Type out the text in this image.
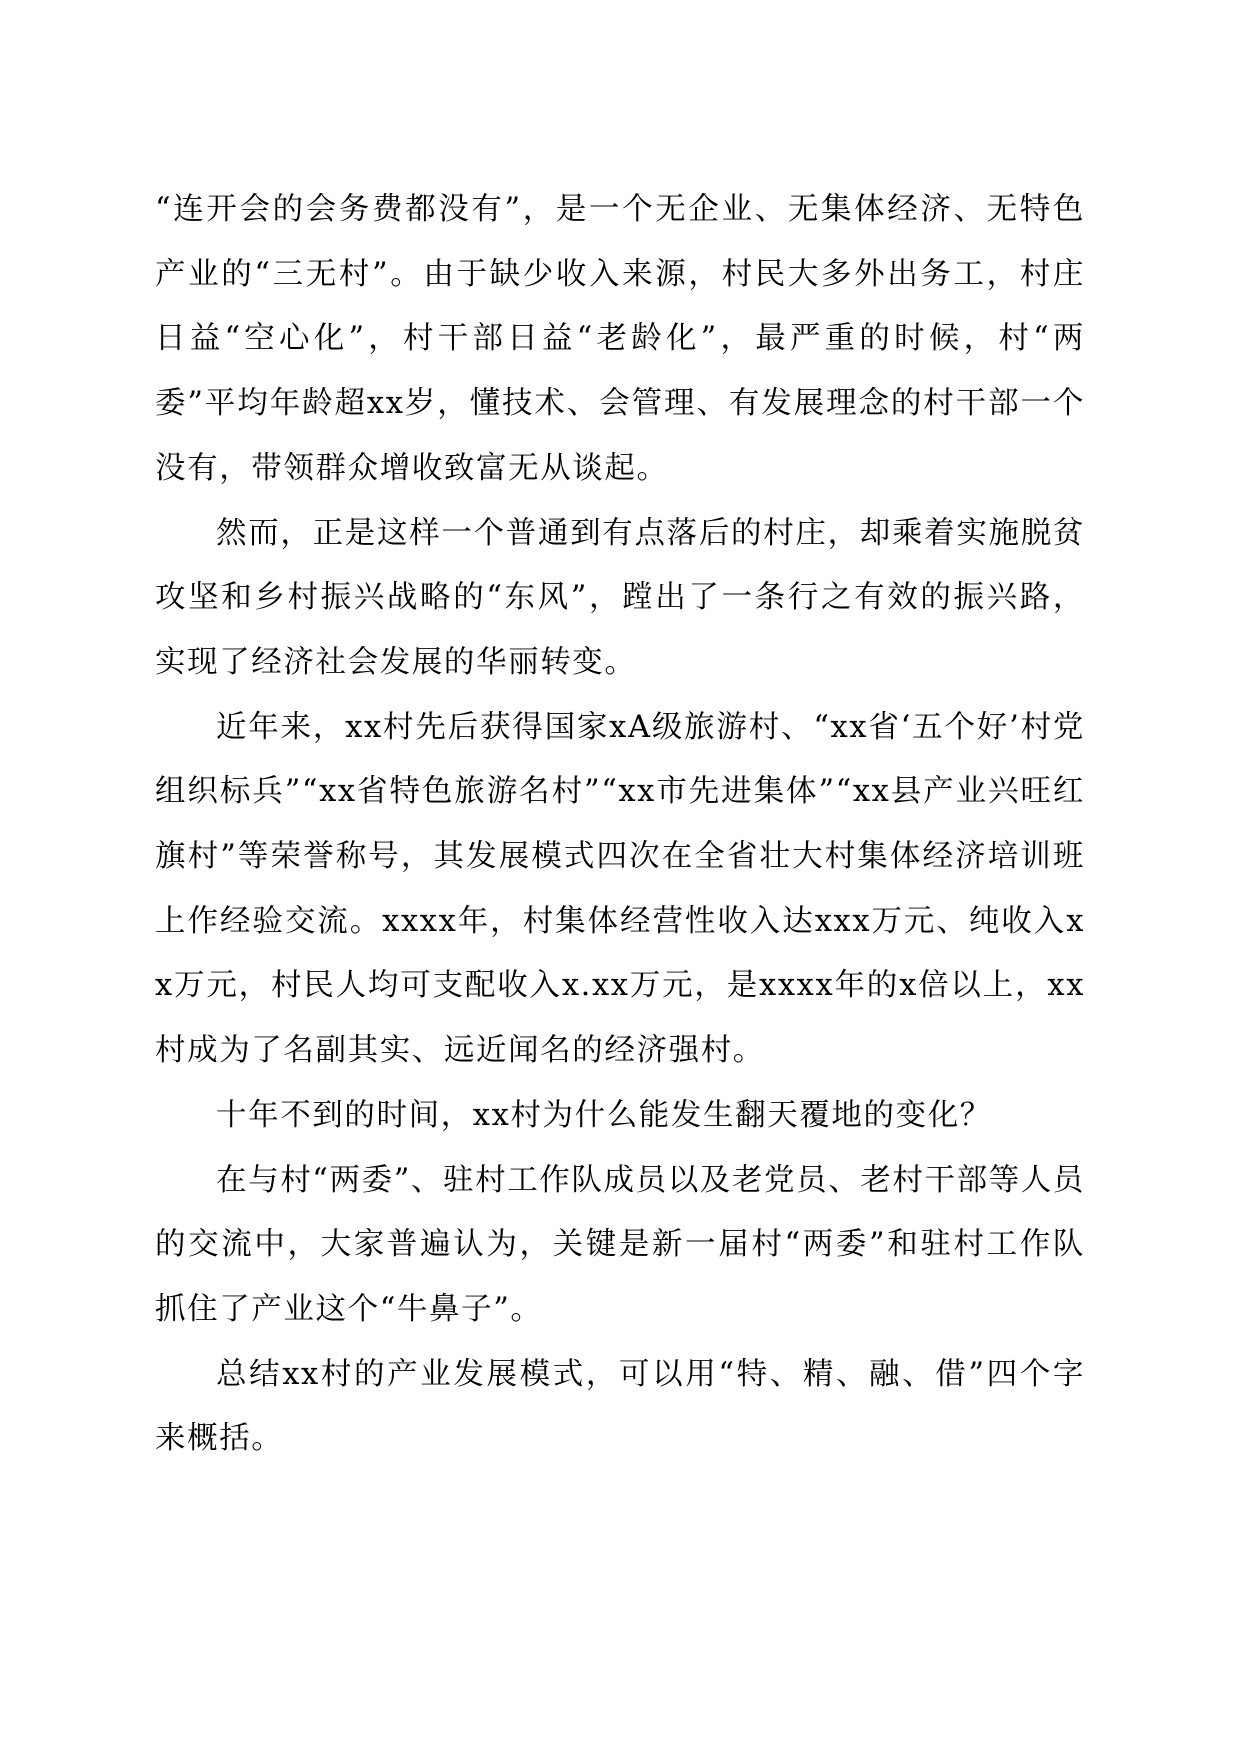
“连开会的会务费都没有”，是一个无企业、无集体经济、无特色产业的“三无村”。由于缺少收入来源，村民大多外出务工，村庄日益“空心化”，村干部日益“老龄化”，最严重的时候，村“两委”平均年龄超xx岁，懂技术、会管理、有发展理念的村干部一个没有，带领群众增收致富无从谈起。

然而，正是这样一个普通到有点落后的村庄，却乘着实施脱贫攻坚和乡村振兴战略的“东风”，蹚出了一条行之有效的振兴路，实现了经济社会发展的华丽转变。

近年来，xx村先后获得国家xA级旅游村、“xx省‘五个好’村党组织标兵”“xx省特色旅游名村”“xx市先进集体”“xx县产业兴旺红旗村”等荣誉称号，其发展模式四次在全省壮大村集体经济培训班上作经验交流。xxxx年，村集体经营性收入达xxx万元、纯收入xx万元，村民人均可支配收入x.xx万元，是xxxx年的x倍以上，xx村成为了名副其实、远近闻名的经济强村。

十年不到的时间，xx村为什么能发生翻天覆地的变化？

在与村“两委”、驻村工作队成员以及老党员、老村干部等人员的交流中，大家普遍认为，关键是新一届村“两委”和驻村工作队抓住了产业这个“牛鼻子”。

总结xx村的产业发展模式，可以用“特、精、融、借”四个字来概括。
